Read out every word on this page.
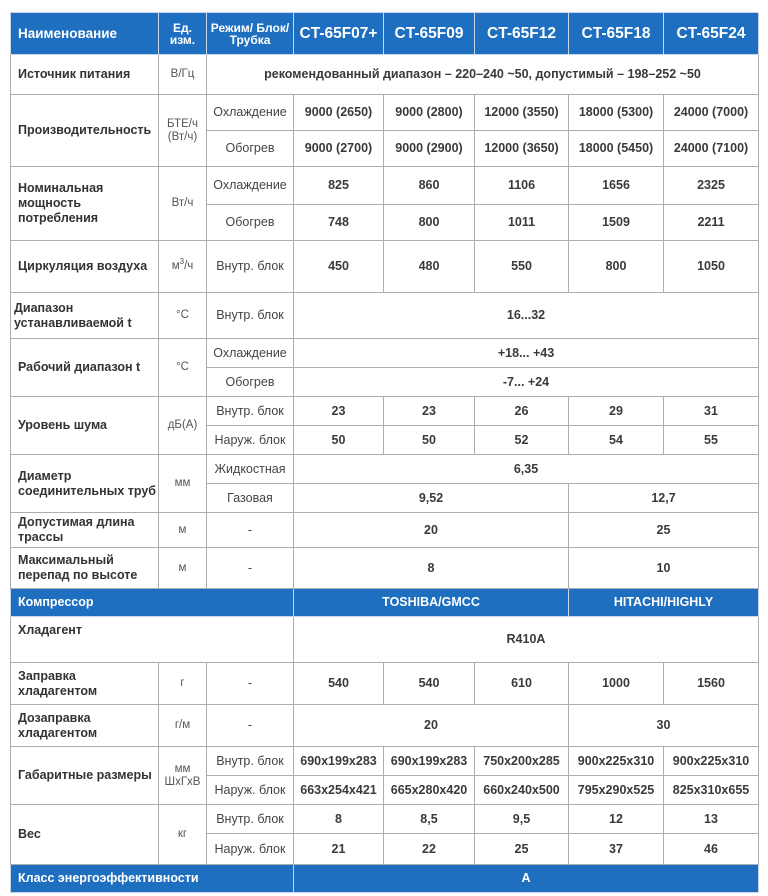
Наименование	Ед. изм.	Режим/ Блок/ Трубка	CT-65F07+	CT-65F09	CT-65F12	CT-65F18	CT-65F24
Источник питания	В/Гц	рекомендованный диапазон – 220–240 ~50, допустимый – 198–252 ~50					
Производительность	БТЕ/ч (Вт/ч)	Охлаждение	9000 (2650)	9000 (2800)	12000 (3550)	18000 (5300)	24000 (7000)
		Обогрев	9000 (2700)	9000 (2900)	12000 (3650)	18000 (5450)	24000 (7100)
Номинальная мощность потребления	Вт/ч	Охлаждение	825	860	1106	1656	2325
		Обогрев	748	800	1011	1509	2211
Циркуляция воздуха	$м^3/ч$	Внутр. блок	450	480	550	800	1050
Диапазон устанавливаемой t	°С	Внутр. блок	16...32				
Рабочий диапазон t	°С	Охлаждение	+18... +43				
		Обогрев	-7... +24				
Уровень шума	дБ(А)	Внутр. блок	23	23	26	29	31
		Наруж. блок	50	50	52	54	55
Диаметр соединительных труб	мм	Жидкостная	6,35				
		Газовая	9,52			12,7	
Допустимая длина трассы	м	-	20			25	
Максимальный перепад по высоте	м	-	8			10	
Компрессор			TOSHIBA/GMCC			HITACHI/HIGHLY	
Хладагент			R410A				
Заправка хладагентом	г	-	540	540	610	1000	1560
Дозаправка хладагентом	г/м	-	20			30	
Габаритные размеры	мм ШхГхВ	Внутр. блок	690x199x283	690x199x283	750x200x285	900x225x310	900x225x310
		Наруж. блок	663x254x421	665x280x420	660x240x500	795x290x525	825x310x655
Вес	кг	Внутр. блок	8	8,5	9,5	12	13
		Наруж. блок	21	22	25	37	46
Класс энергоэффективности			A				
